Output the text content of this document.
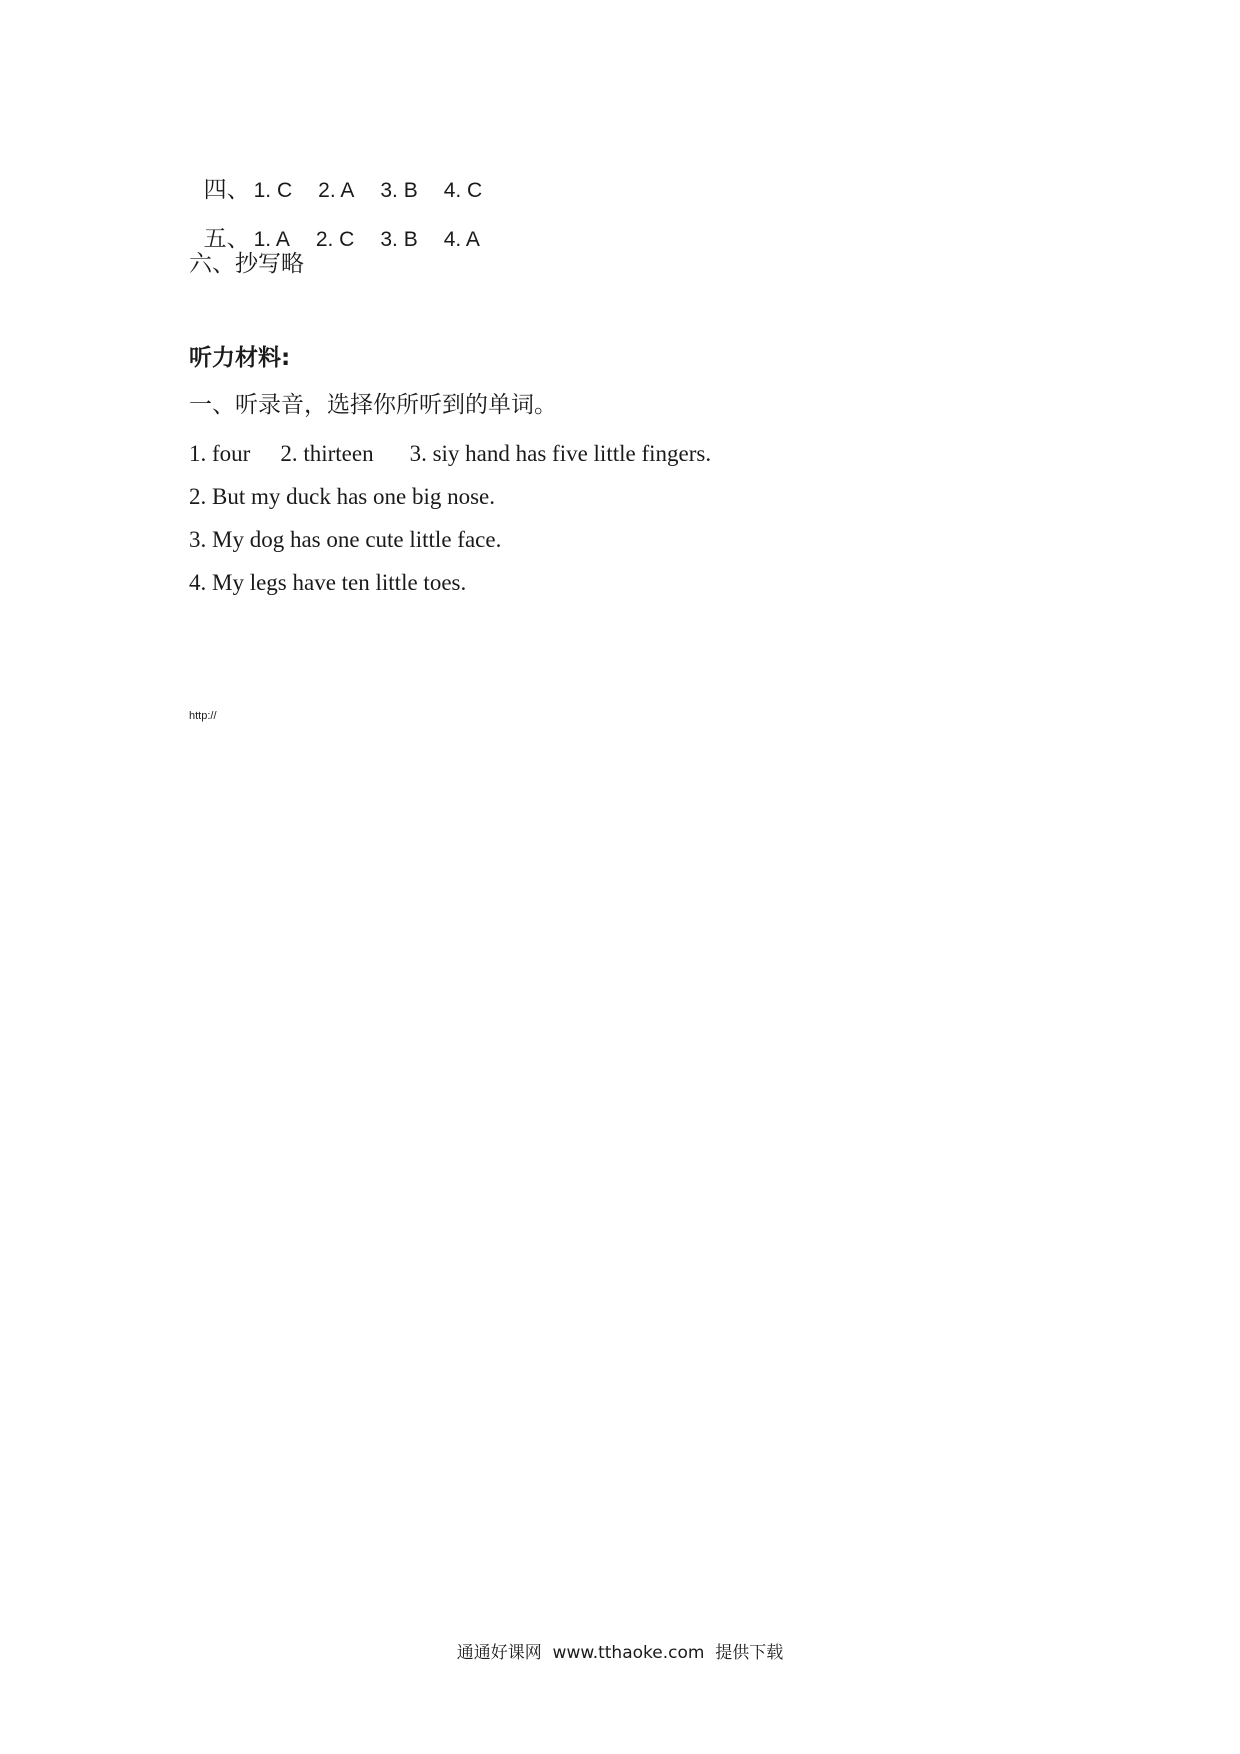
四、 1. C 2. A 3. B 4. C

五、 1. A 2. C 3. B 4. A

六、抄写略
听力材料:
一、听录音，选择你所听到的单词。
1. four 2. thirteen 3. siy hand has five little fingers.
2. But my duck has one big nose.
3. My dog has one cute little face.
4. My legs have ten little toes.
http://
通通好课网  www.tthaoke.com  提供下载
